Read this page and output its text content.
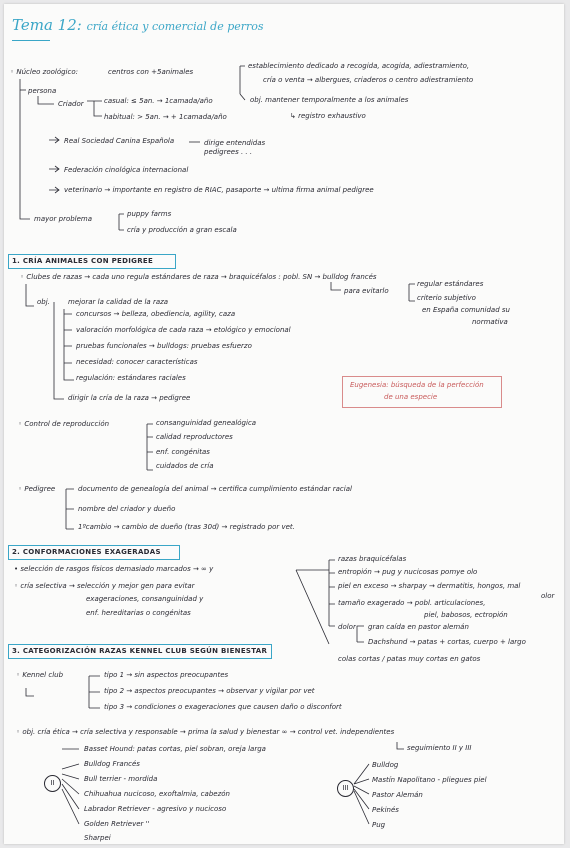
Tema 12: cría ética y comercial de perros
◦ Núcleo zoológico:	centros con +5animales
establecimiento dedicado a recogida, acogida, adiestramiento,
cría o venta → albergues, criaderos o centro adiestramiento
obj. mantener temporalmente a los animales
↳ registro exhaustivo
persona
Criador	casual: ≤ 5an. → 1camada/año
habitual: > 5an. → + 1camada/año
Real Sociedad Canina Española	dirige entendidas pedigrees . . .
Federación cinológica internacional
veterinario → importante en registro de RIAC, pasaporte → ultima firma animal pedigree
mayor problema
puppy farms
cría y producción a gran escala
1. CRÍA ANIMALES CON PEDIGREE
◦ Clubes de razas → cada uno regula estándares de raza → braquicéfalos : pobl. SN → bulldog francés
para evitarlo
regular estándares
criterio subjetivo
en España comunidad su
normativa
obj.	mejorar la calidad de la raza
concursos → belleza, obediencia, agility, caza
valoración morfológica de cada raza → etológico y emocional
pruebas funcionales → bulldogs: pruebas esfuerzo
necesidad: conocer características
regulación: estándares raciales
dirigir la cría de la raza → pedigree
Eugenesia: búsqueda de la perfección
de una especie
◦ Control de reproducción	consanguinidad genealógica
calidad reproductores
enf. congénitas
cuidados de cría
◦ Pedigree	documento de genealogía del animal → certifica cumplimiento estándar racial
nombre del criador y dueño
1ºcambio → cambio de dueño (tras 30d) → registrado por vet.
2. CONFORMACIONES EXAGERADAS
• selección de rasgos físicos demasiado marcados → ∞ y
◦ cría selectiva → selección y mejor gen para evitar
exageraciones, consanguinidad y
enf. hereditarias o congénitas
razas braquicéfalas
entropión → pug y nucicosas pomye olo
piel en exceso → sharpay → dermatitis, hongos, mal
olor
tamaño exagerado → pobl. articulaciones,
piel, babosos, ectropión
dolor gran caída en pastor alemán
Dachshund → patas + cortas, cuerpo + largo
colas cortas / patas muy cortas en gatos
3. CATEGORIZACIÓN RAZAS KENNEL CLUB SEGÚN BIENESTAR
◦ Kennel club	tipo 1 → sin aspectos preocupantes
tipo 2 → aspectos preocupantes → observar y vigilar por vet
tipo 3 → condiciones o exageraciones que causen daño o disconfort
◦ obj. cría ética → cría selectiva y responsable → prima la salud y bienestar ∞ → control vet. independientes
seguimiento II y III
II
III
Basset Hound: patas cortas, piel sobran, oreja larga
Bulldog Francés
Bull terrier - mordida
Chihuahua nucicoso, exoftalmia, cabezón
Labrador Retriever - agresivo y nucicoso
Golden Retriever ''
Sharpei
Bulldog
Mastín Napolitano - pliegues piel
Pastor Alemán
Pekinés
Pug
